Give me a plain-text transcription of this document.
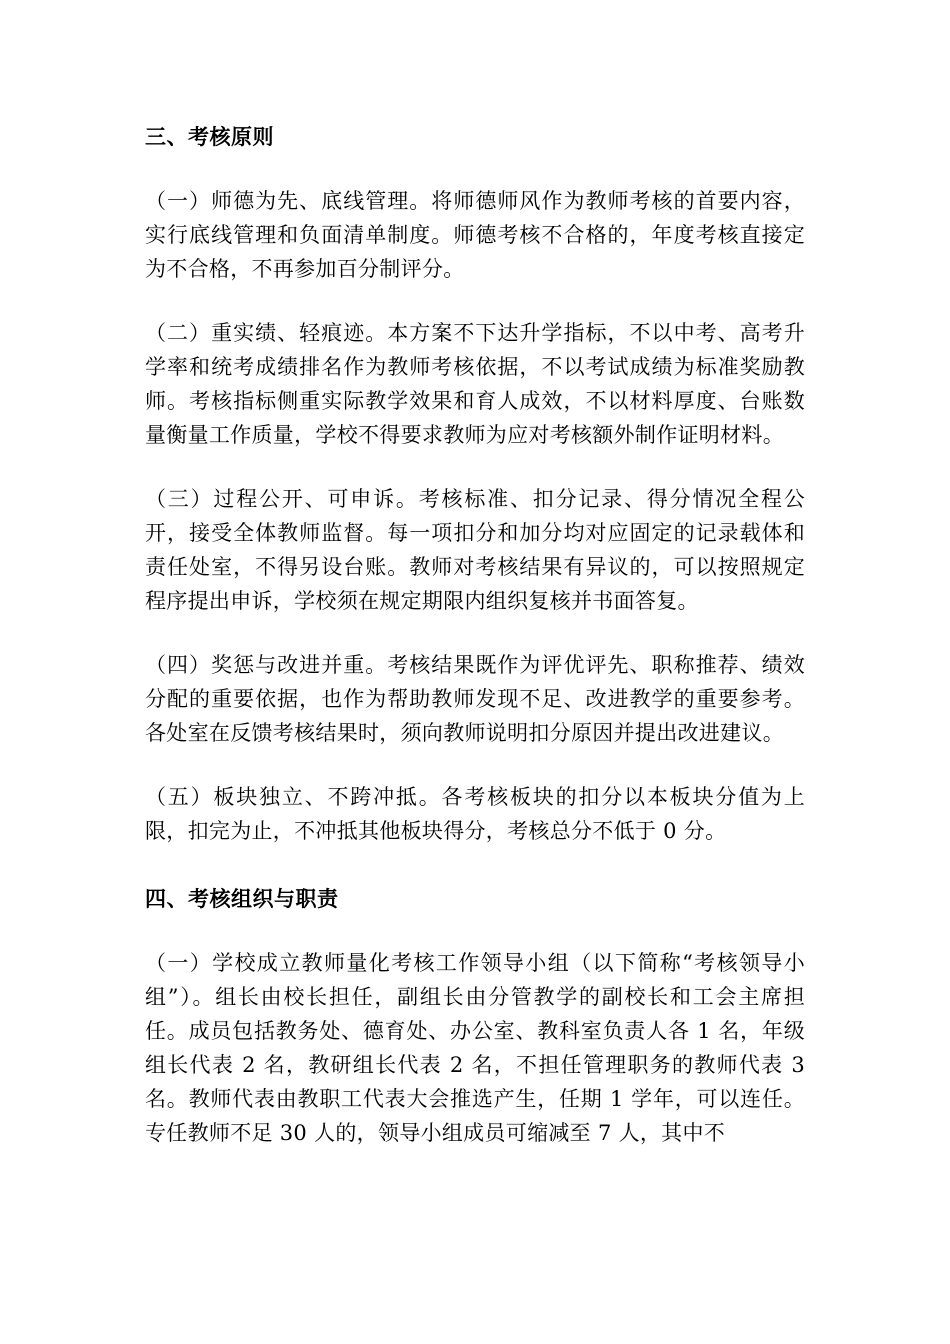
三、考核原则

（一）师德为先、底线管理。将师德师风作为教师考核的首要内容，实行底线管理和负面清单制度。师德考核不合格的，年度考核直接定为不合格，不再参加百分制评分。

（二）重实绩、轻痕迹。本方案不下达升学指标，不以中考、高考升学率和统考成绩排名作为教师考核依据，不以考试成绩为标准奖励教师。考核指标侧重实际教学效果和育人成效，不以材料厚度、台账数量衡量工作质量，学校不得要求教师为应对考核额外制作证明材料。

（三）过程公开、可申诉。考核标准、扣分记录、得分情况全程公开，接受全体教师监督。每一项扣分和加分均对应固定的记录载体和责任处室，不得另设台账。教师对考核结果有异议的，可以按照规定程序提出申诉，学校须在规定期限内组织复核并书面答复。

（四）奖惩与改进并重。考核结果既作为评优评先、职称推荐、绩效分配的重要依据，也作为帮助教师发现不足、改进教学的重要参考。各处室在反馈考核结果时，须向教师说明扣分原因并提出改进建议。

（五）板块独立、不跨冲抵。各考核板块的扣分以本板块分值为上限，扣完为止，不冲抵其他板块得分，考核总分不低于 0 分。

四、考核组织与职责

（一）学校成立教师量化考核工作领导小组（以下简称“考核领导小组”）。组长由校长担任，副组长由分管教学的副校长和工会主席担任。成员包括教务处、德育处、办公室、教科室负责人各 1 名，年级组长代表 2 名，教研组长代表 2 名，不担任管理职务的教师代表 3 名。教师代表由教职工代表大会推选产生，任期 1 学年，可以连任。专任教师不足 30 人的，领导小组成员可缩减至 7 人，其中不
